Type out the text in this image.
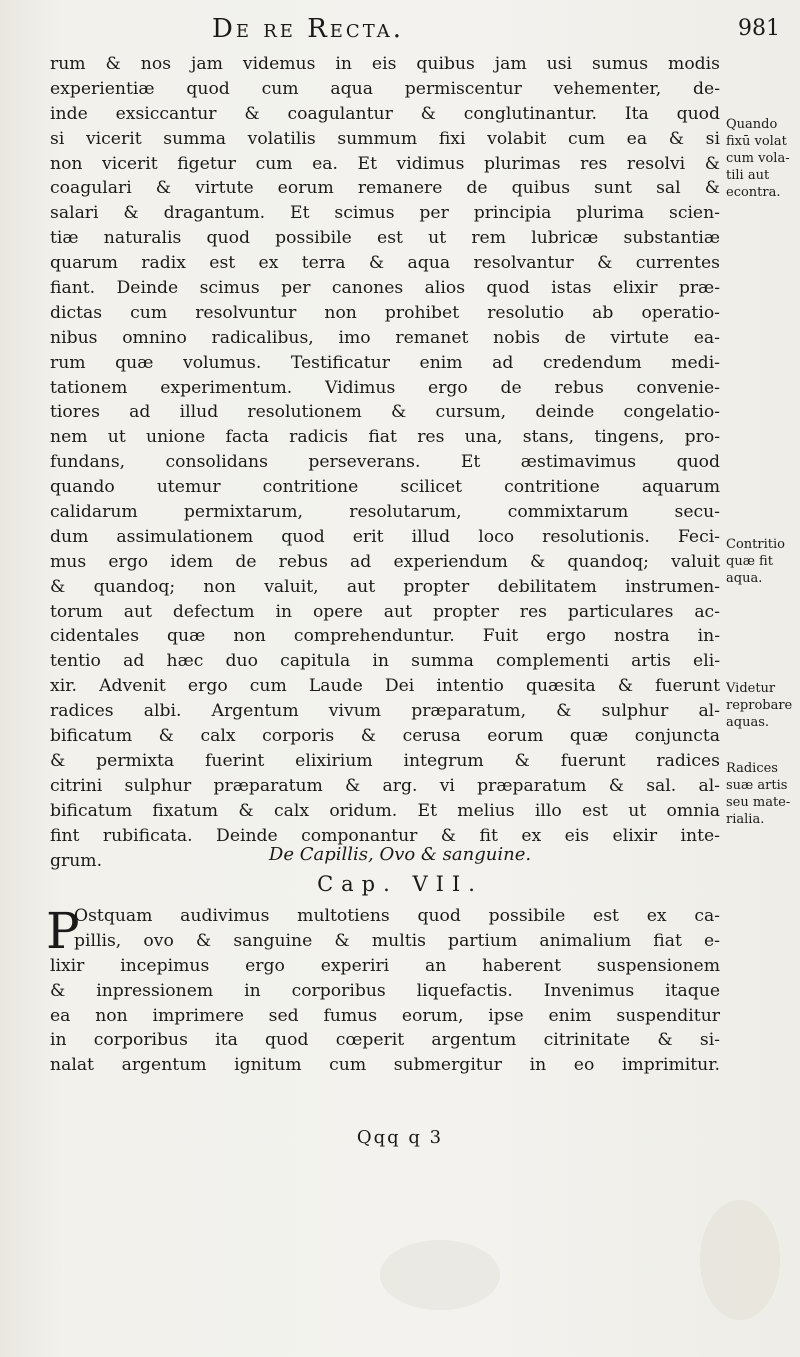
De re Recta.	981
rum & nos jam videmus in eis quibus jam usi sumus modis
experientiæ quod cum aqua permiscentur vehementer, de-
inde exsiccantur & coagulantur & conglutinantur. Ita quod
si vicerit summa volatilis summum fixi volabit cum ea & si
non vicerit figetur cum ea. Et vidimus plurimas res resolvi &
coagulari & virtute eorum remanere de quibus sunt sal &
salari & dragantum. Et scimus per principia plurima scien-
tiæ naturalis quod possibile est ut rem lubricæ substantiæ
quarum radix est ex terra & aqua resolvantur & currentes
fiant. Deinde scimus per canones alios quod istas elixir præ-
dictas cum resolvuntur non prohibet resolutio ab operatio-
nibus omnino radicalibus, imo remanet nobis de virtute ea-
rum quæ volumus. Testificatur enim ad credendum medi-
tationem experimentum. Vidimus ergo de rebus convenie-
tiores ad illud resolutionem & cursum, deinde congelatio-
nem ut unione facta radicis fiat res una, stans, tingens, pro-
fundans, consolidans perseverans. Et æstimavimus quod
quando utemur contritione scilicet contritione aquarum
calidarum permixtarum, resolutarum, commixtarum secu-
dum assimulationem quod erit illud loco resolutionis. Feci-
mus ergo idem de rebus ad experiendum & quandoq; valuit
& quandoq; non valuit, aut propter debilitatem instrumen-
torum aut defectum in opere aut propter res particulares ac-
cidentales quæ non comprehenduntur. Fuit ergo nostra in-
tentio ad hæc duo capitula in summa complementi artis eli-
xir. Advenit ergo cum Laude Dei intentio quæsita & fuerunt
radices albi. Argentum vivum præparatum, & sulphur al-
bificatum & calx corporis & cerusa eorum quæ conjuncta
& permixta fuerint elixirium integrum & fuerunt radices
citrini sulphur præparatum & arg. vi præparatum & sal. al-
bificatum fixatum & calx oridum. Et melius illo est ut omnia
fint rubificata. Deinde componantur & fit ex eis elixir inte-
grum.	De Capillis, Ovo & sanguine.
Cap. VII.
P
Ostquam audivimus multotiens quod possibile est ex ca-
pillis, ovo & sanguine & multis partium animalium fiat e-
lixir incepimus ergo experiri an haberent suspensionem
& inpressionem in corporibus liquefactis. Invenimus itaque
ea non imprimere sed fumus eorum, ipse enim suspenditur
in corporibus ita quod cœperit argentum citrinitate & si-
nalat argentum ignitum cum submergitur in eo imprimitur.
Qqq q 3
Quando
fixū volat
cum vola-
tili aut
econtra.
Contritio
quæ fit
aqua.
Videtur
reprobare
aquas.
Radices
suæ artis
seu mate-
rialia.
